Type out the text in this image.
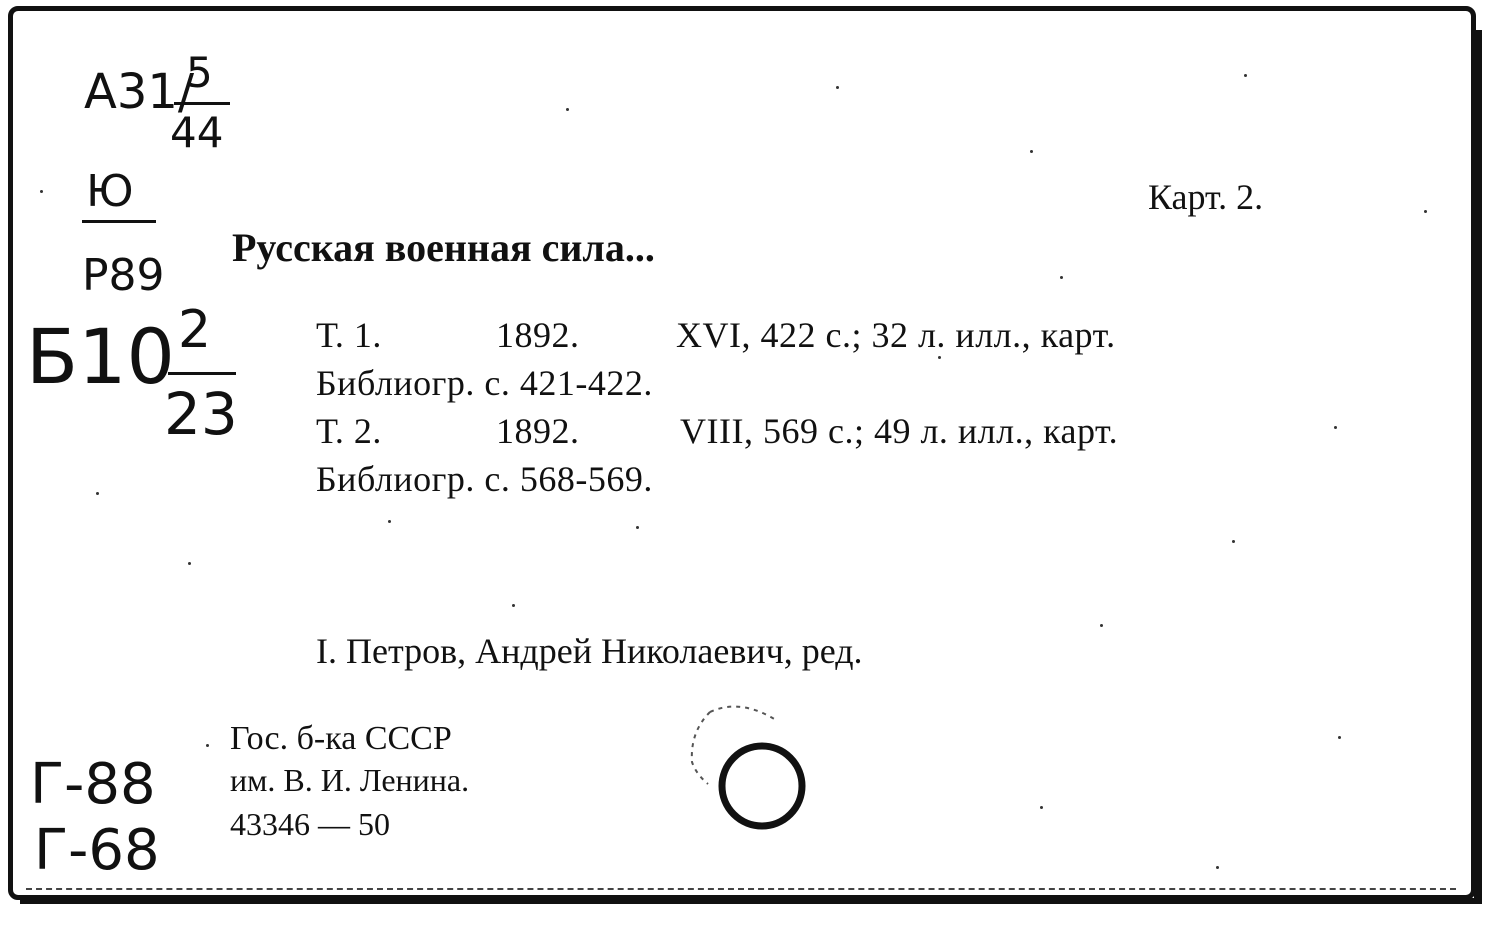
А31/
5
44
Ю
Р89
Б10 2
23
Г-88
Г-68
Карт. 2.
Русская военная сила...
Т. 1.	1892.	XVI, 422 с.; 32 л. илл., карт.
Библиогр. с. 421-422.
Т. 2.	1892.	VIII, 569 с.; 49 л. илл., карт.
Библиогр. с. 568-569.
I. Петров, Андрей Николаевич, ред.
Гос. б-ка СССР
им. В. И. Ленина.
43346 — 50
